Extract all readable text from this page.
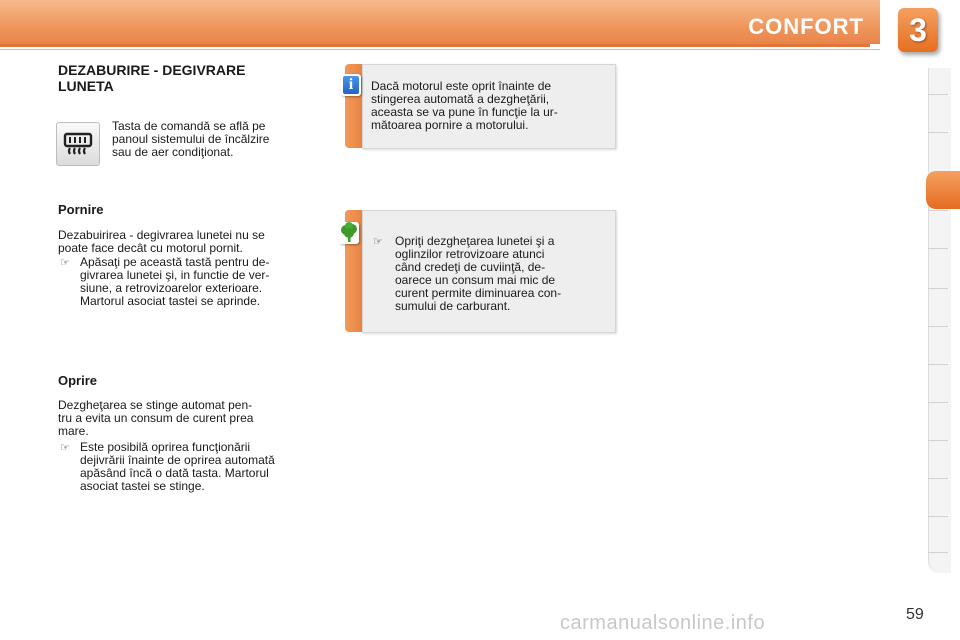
CONFORT	3
DEZABURIRE - DEGIVRARE
LUNETA
Tasta de comandă se află pe
panoul sistemului de încălzire
sau de aer condiţionat.
Pornire
Dezabuirirea - degivrarea lunetei nu se
poate face decât cu motorul pornit.
☞ Apăsaţi pe această tastă pentru de-
givrarea lunetei şi, in functie de ver-
siune, a retrovizoarelor exterioare.
Martorul asociat tastei se aprinde.
Oprire
Dezgheţarea se stinge automat pen-
tru a evita un consum de curent prea
mare.
☞ Este posibilă oprirea funcţionării
dejivrării înainte de oprirea automată
apăsând încă o dată tasta. Martorul
asociat tastei se stinge.
Dacă motorul este oprit înainte de
stingerea automată a dezgheţării,
aceasta se va pune în funcţie la ur-
mătoarea pornire a motorului.
i
☞ Opriţi dezgheţarea lunetei şi a
oglinzilor retrovizoare atunci
când credeţi de cuviinţă, de-
oarece un consum mai mic de
curent permite diminuarea con-
sumului de carburant.
59
carmanualsonline.info
